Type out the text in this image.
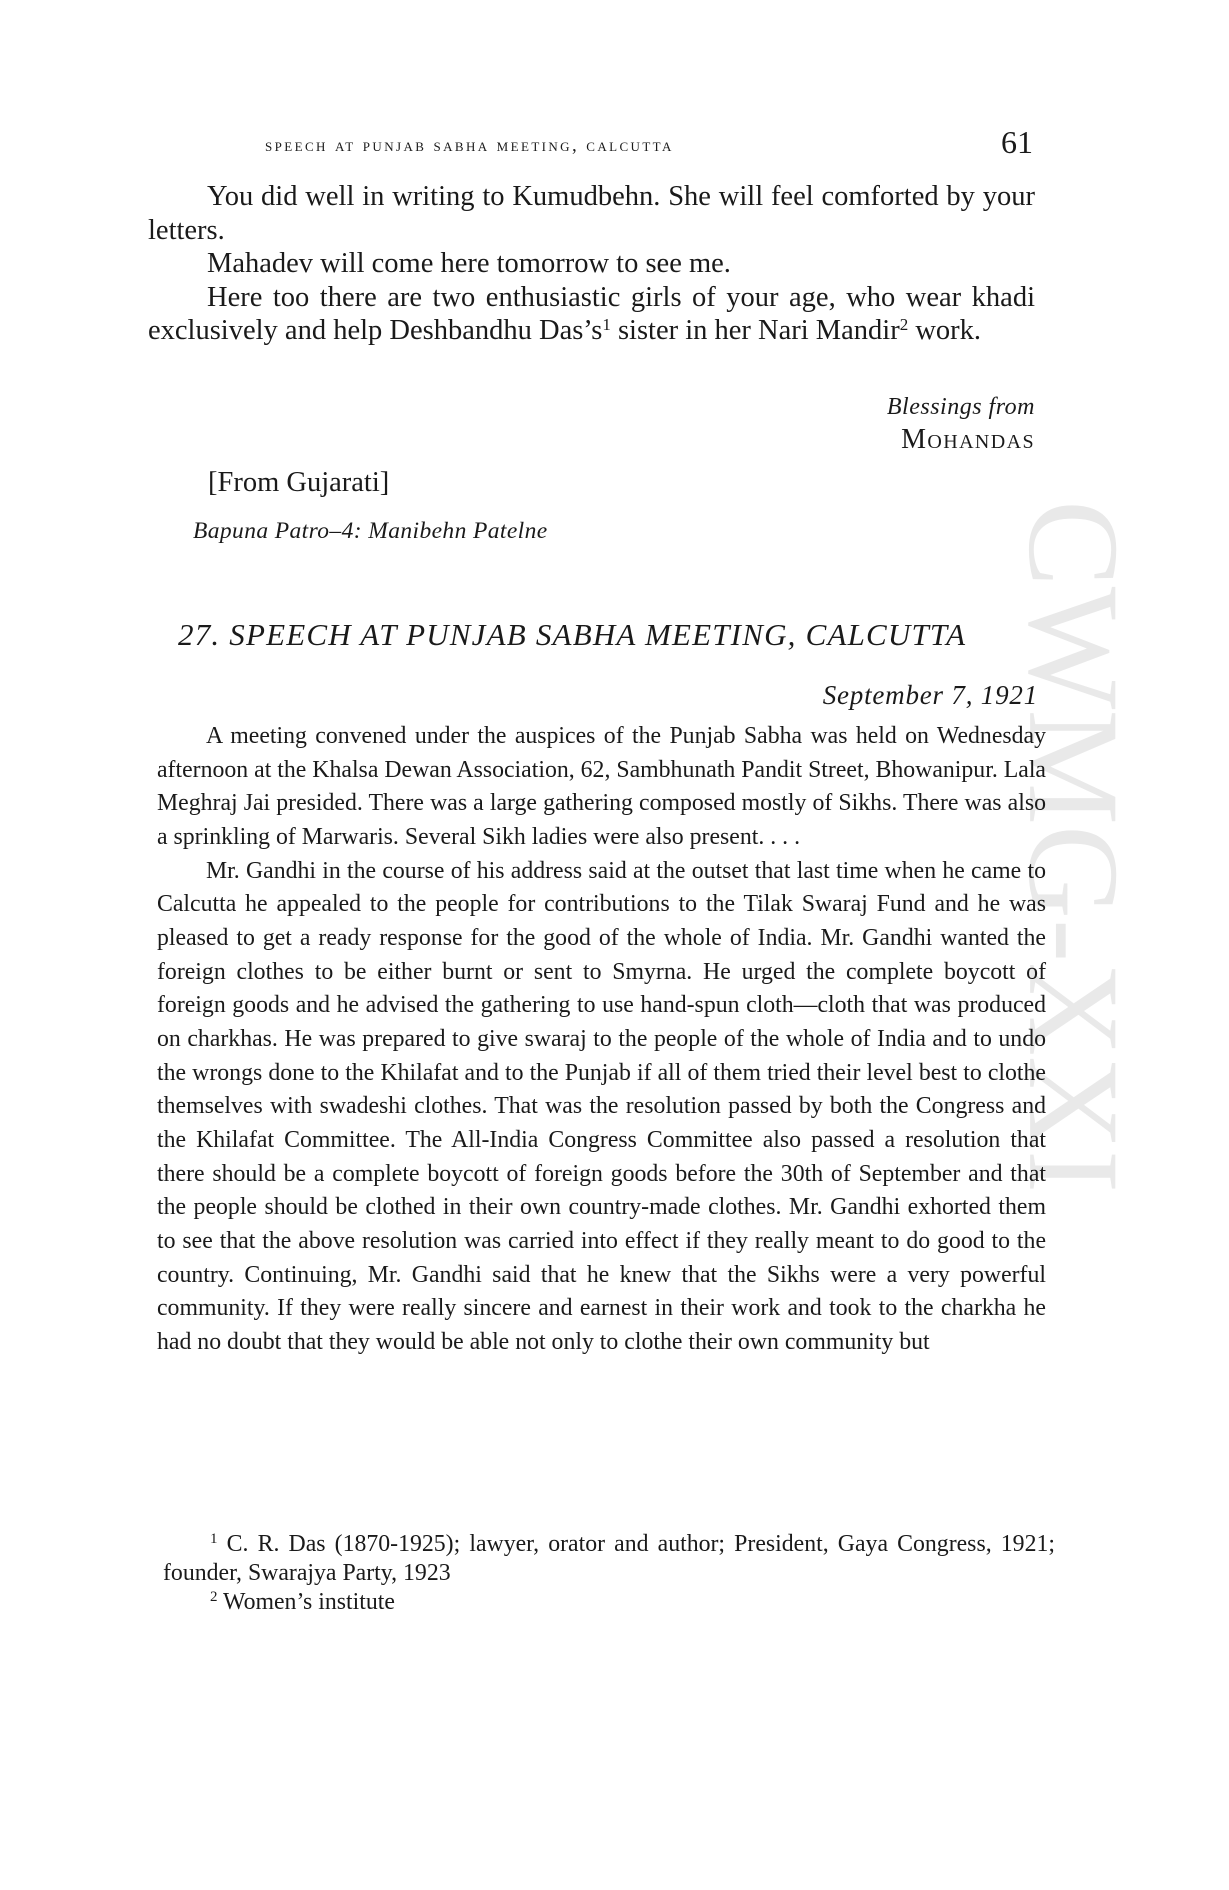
CWMG-XXI
speech at punjab sabha meeting, calcutta	61

You did well in writing to Kumudbehn. She will feel comforted by your letters.

Mahadev will come here tomorrow to see me.

Here too there are two enthusiastic girls of your age, who wear khadi exclusively and help Deshbandhu $Das’s^1$ sister in her Nari Mandir$^2$ work.

Blessings from
Mohandas
[From Gujarati]
Bapuna Patro–4: Manibehn Patelne
27. SPEECH AT PUNJAB SABHA MEETING, CALCUTTA
September 7, 1921

A meeting convened under the auspices of the Punjab Sabha was held on Wednesday afternoon at the Khalsa Dewan Association, 62, Sambhunath Pandit Street, Bhowanipur. Lala Meghraj Jai presided. There was a large gathering composed mostly of Sikhs. There was also a sprinkling of Marwaris. Several Sikh ladies were also present. . . .

Mr. Gandhi in the course of his address said at the outset that last time when he came to Calcutta he appealed to the people for contributions to the Tilak Swaraj Fund and he was pleased to get a ready response for the good of the whole of India. Mr. Gandhi wanted the foreign clothes to be either burnt or sent to Smyrna. He urged the complete boycott of foreign goods and he advised the gathering to use hand-spun cloth—cloth that was produced on charkhas. He was prepared to give swaraj to the people of the whole of India and to undo the wrongs done to the Khilafat and to the Punjab if all of them tried their level best to clothe themselves with swadeshi clothes. That was the resolution passed by both the Congress and the Khilafat Committee. The All-India Congress Committee also passed a resolution that there should be a complete boycott of foreign goods before the 30th of September and that the people should be clothed in their own country-made clothes. Mr. Gandhi exhorted them to see that the above resolution was carried into effect if they really meant to do good to the country. Continuing, Mr. Gandhi said that he knew that the Sikhs were a very powerful community. If they were really sincere and earnest in their work and took to the charkha he had no doubt that they would be able not only to clothe their own community but

$^1$ C. R. Das (1870-1925); lawyer, orator and author; President, Gaya Congress, 1921; founder, Swarajya Party, 1923

$^2$ Women’s institute
